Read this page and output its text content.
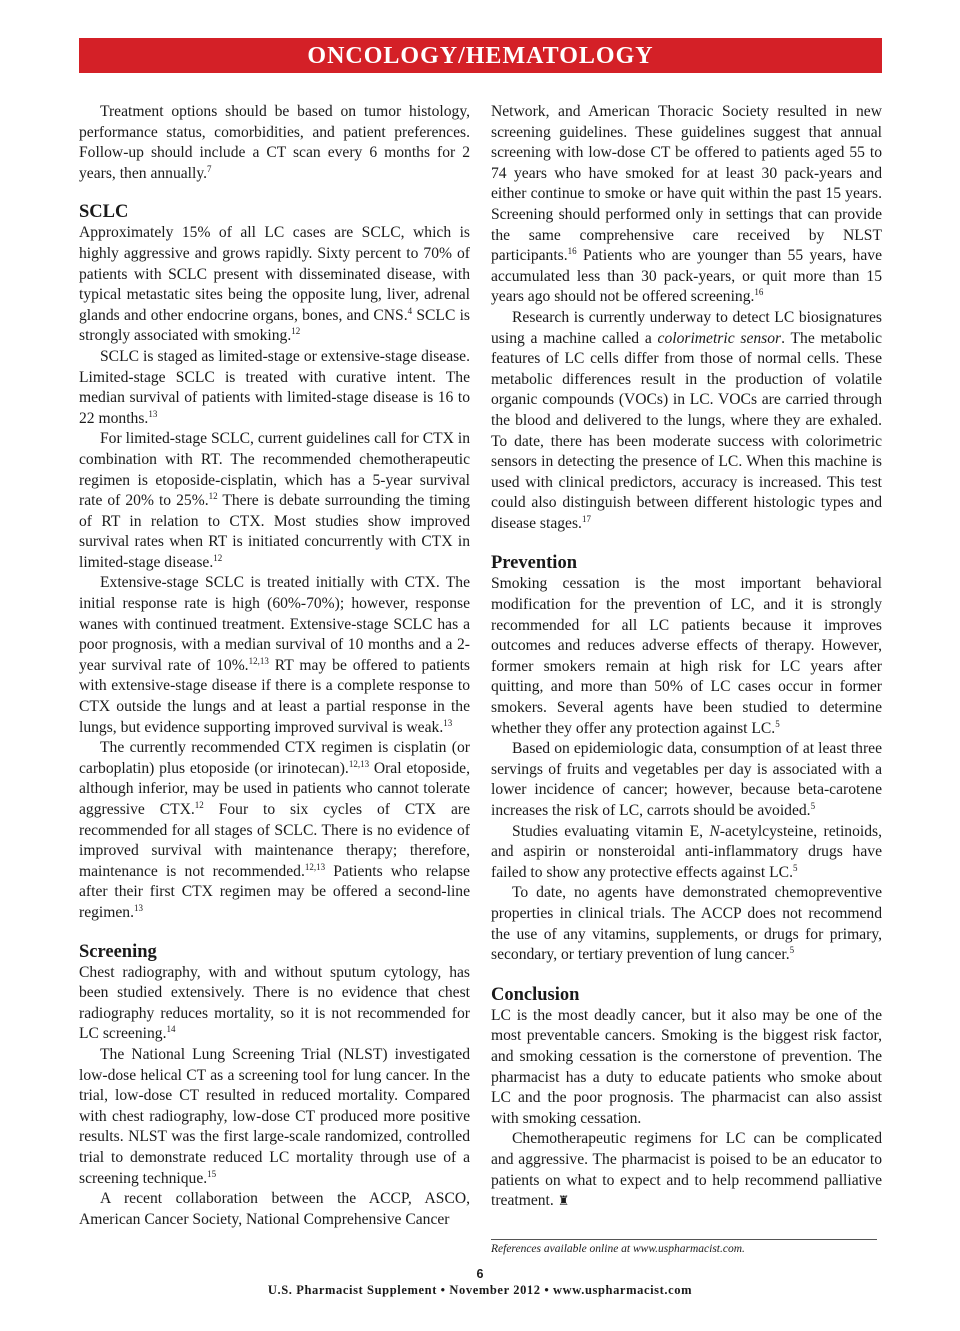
ONCOLOGY/HEMATOLOGY

Treatment options should be based on tumor histology, performance status, comorbidities, and patient preferences. Follow-up should include a CT scan every 6 months for 2 years, then annually.$^7$

SCLC

Approximately 15% of all LC cases are SCLC, which is highly aggressive and grows rapidly. Sixty percent to 70% of patients with SCLC present with disseminated disease, with typical metastatic sites being the opposite lung, liver, adrenal glands and other endocrine organs, bones, and CNS.$^4$ SCLC is strongly associated with smoking.$^{12}$

SCLC is staged as limited-stage or extensive-stage disease. Limited-stage SCLC is treated with curative intent. The median survival of patients with limited-stage disease is 16 to 22 months.$^{13}$

For limited-stage SCLC, current guidelines call for CTX in combination with RT. The recommended chemotherapeutic regimen is etoposide-cisplatin, which has a 5-year survival rate of 20% to 25%.$^{12}$ There is debate surrounding the timing of RT in relation to CTX. Most studies show improved survival rates when RT is initiated concurrently with CTX in limited-stage disease.$^{12}$

Extensive-stage SCLC is treated initially with CTX. The initial response rate is high (60%-70%); however, response wanes with continued treatment. Extensive-stage SCLC has a poor prognosis, with a median survival of 10 months and a 2-year survival rate of 10%.$^{12,13}$ RT may be offered to patients with extensive-stage disease if there is a complete response to CTX outside the lungs and at least a partial response in the lungs, but evidence supporting improved survival is weak.$^{13}$

The currently recommended CTX regimen is cisplatin (or carboplatin) plus etoposide (or irinotecan).$^{12,13}$ Oral etoposide, although inferior, may be used in patients who cannot tolerate aggressive CTX.$^{12}$ Four to six cycles of CTX are recommended for all stages of SCLC. There is no evidence of improved survival with maintenance therapy; therefore, maintenance is not recommended.$^{12,13}$ Patients who relapse after their first CTX regimen may be offered a second-line regimen.$^{13}$

Screening

Chest radiography, with and without sputum cytology, has been studied extensively. There is no evidence that chest radiography reduces mortality, so it is not recommended for LC screening.$^{14}$

The National Lung Screening Trial (NLST) investigated low-dose helical CT as a screening tool for lung cancer. In the trial, low-dose CT resulted in reduced mortality. Compared with chest radiography, low-dose CT produced more positive results. NLST was the first large-scale randomized, controlled trial to demonstrate reduced LC mortality through use of a screening technique.$^{15}$

A recent collaboration between the ACCP, ASCO, American Cancer Society, National Comprehensive Cancer

Network, and American Thoracic Society resulted in new screening guidelines. These guidelines suggest that annual screening with low-dose CT be offered to patients aged 55 to 74 years who have smoked for at least 30 pack-years and either continue to smoke or have quit within the past 15 years. Screening should performed only in settings that can provide the same comprehensive care received by NLST participants.$^{16}$ Patients who are younger than 55 years, have accumulated less than 30 pack-years, or quit more than 15 years ago should not be offered screening.$^{16}$

Research is currently underway to detect LC biosignatures using a machine called a colorimetric sensor. The metabolic features of LC cells differ from those of normal cells. These metabolic differences result in the production of volatile organic compounds (VOCs) in LC. VOCs are carried through the blood and delivered to the lungs, where they are exhaled. To date, there has been moderate success with colorimetric sensors in detecting the presence of LC. When this machine is used with clinical predictors, accuracy is increased. This test could also distinguish between different histologic types and disease stages.$^{17}$

Prevention

Smoking cessation is the most important behavioral modification for the prevention of LC, and it is strongly recommended for all LC patients because it improves outcomes and reduces adverse effects of therapy. However, former smokers remain at high risk for LC years after quitting, and more than 50% of LC cases occur in former smokers. Several agents have been studied to determine whether they offer any protection against LC.$^5$

Based on epidemiologic data, consumption of at least three servings of fruits and vegetables per day is associated with a lower incidence of cancer; however, because beta-carotene increases the risk of LC, carrots should be avoided.$^5$

Studies evaluating vitamin E, N-acetylcysteine, retinoids, and aspirin or nonsteroidal anti-inflammatory drugs have failed to show any protective effects against LC.$^5$

To date, no agents have demonstrated chemopreventive properties in clinical trials. The ACCP does not recommend the use of any vitamins, supplements, or drugs for primary, secondary, or tertiary prevention of lung cancer.$^5$

Conclusion

LC is the most deadly cancer, but it also may be one of the most preventable cancers. Smoking is the biggest risk factor, and smoking cessation is the cornerstone of prevention. The pharmacist has a duty to educate patients who smoke about LC and the poor prognosis. The pharmacist can also assist with smoking cessation.

Chemotherapeutic regimens for LC can be complicated and aggressive. The pharmacist is poised to be an educator to patients on what to expect and to help recommend palliative treatment. ♜

References available online at www.uspharmacist.com.
6
U.S. Pharmacist Supplement • November 2012 • www.uspharmacist.com
